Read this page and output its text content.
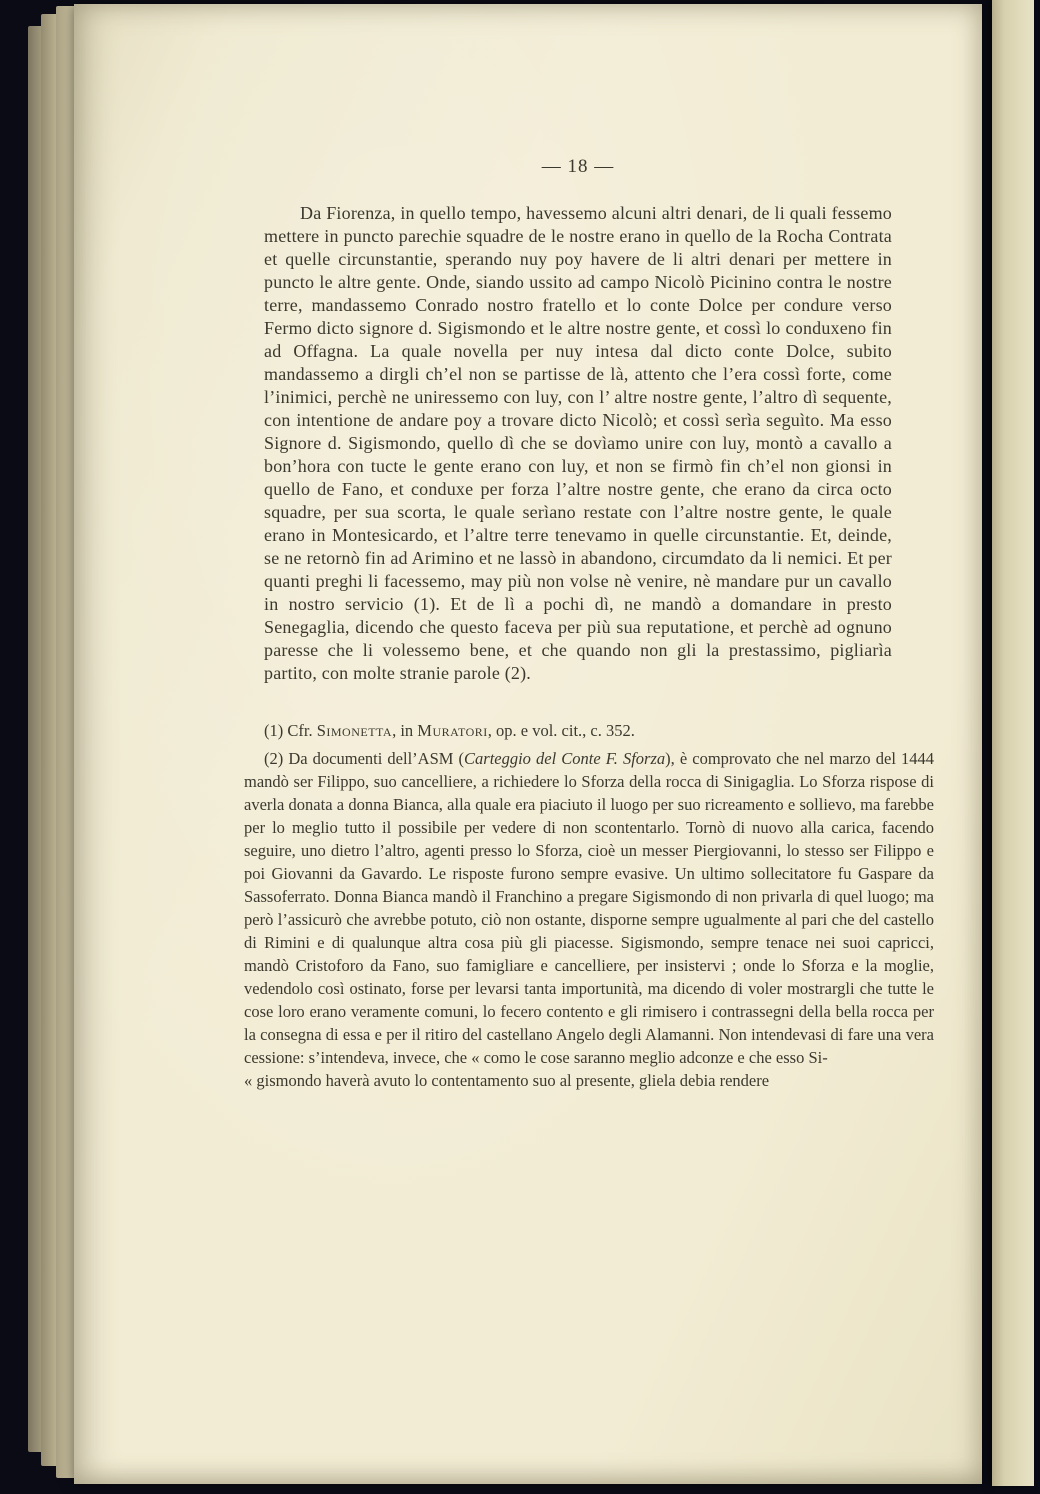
— 18 —

Da Fiorenza, in quello tempo, havessemo alcuni altri denari, de li quali fessemo mettere in puncto parechie squadre de le nostre erano in quello de la Rocha Contrata et quelle circunstantie, sperando nuy poy havere de li altri denari per mettere in puncto le altre gente. Onde, siando ussito ad campo Nicolò Picinino contra le nostre terre, mandassemo Conrado nostro fratello et lo conte Dolce per condure verso Fermo dicto signore d. Sigismondo et le altre nostre gente, et cossì lo conduxeno fin ad Offagna. La quale novella per nuy intesa dal dicto conte Dolce, subito mandassemo a dirgli ch’el non se partisse de là, attento che l’era cossì forte, come l’inimici, perchè ne uniressemo con luy, con l’ altre nostre gente, l’altro dì sequente, con intentione de andare poy a trovare dicto Nicolò; et cossì serìa seguìto. Ma esso Signore d. Sigismondo, quello dì che se dovìamo unire con luy, montò a cavallo a bon’hora con tucte le gente erano con luy, et non se firmò fin ch’el non gionsi in quello de Fano, et conduxe per forza l’altre nostre gente, che erano da circa octo squadre, per sua scorta, le quale serìano restate con l’altre nostre gente, le quale erano in Montesicardo, et l’altre terre tenevamo in quelle circunstantie. Et, deinde, se ne retornò fin ad Arimino et ne lassò in abandono, circumdato da li nemici. Et per quanti preghi li facessemo, may più non volse nè venire, nè mandare pur un cavallo in nostro servicio (1). Et de lì a pochi dì, ne mandò a domandare in presto Senegaglia, dicendo che questo faceva per più sua reputatione, et perchè ad ognuno paresse che li volessemo bene, et che quando non gli la prestassimo, pigliarìa partito, con molte stranie parole (2).

(1) Cfr. Simonetta, in Muratori, op. e vol. cit., c. 352.

(2) Da documenti dell’ASM (Carteggio del Conte F. Sforza), è comprovato che nel marzo del 1444 mandò ser Filippo, suo cancelliere, a richiedere lo Sforza della rocca di Sinigaglia. Lo Sforza rispose di averla donata a donna Bianca, alla quale era piaciuto il luogo per suo ricreamento e sollievo, ma farebbe per lo meglio tutto il possibile per vedere di non scontentarlo. Tornò di nuovo alla carica, facendo seguire, uno dietro l’altro, agenti presso lo Sforza, cioè un messer Piergiovanni, lo stesso ser Filippo e poi Giovanni da Gavardo. Le risposte furono sempre evasive. Un ultimo sollecitatore fu Gaspare da Sassoferrato. Donna Bianca mandò il Franchino a pregare Sigismondo di non privarla di quel luogo; ma però l’assicurò che avrebbe potuto, ciò non ostante, disporne sempre ugualmente al pari che del castello di Rimini e di qualunque altra cosa più gli piacesse. Sigismondo, sempre tenace nei suoi capricci, mandò Cristoforo da Fano, suo famigliare e cancelliere, per insistervi ; onde lo Sforza e la moglie, vedendolo così ostinato, forse per levarsi tanta importunità, ma dicendo di voler mostrargli che tutte le cose loro erano veramente comuni, lo fecero contento e gli rimisero i contrassegni della bella rocca per la consegna di essa e per il ritiro del castellano Angelo degli Alamanni. Non intendevasi di fare una vera cessione: s’intendeva, invece, che « como le cose saranno meglio adconze e che esso Si-

« gismondo haverà avuto lo contentamento suo al presente, gliela debia rendere
